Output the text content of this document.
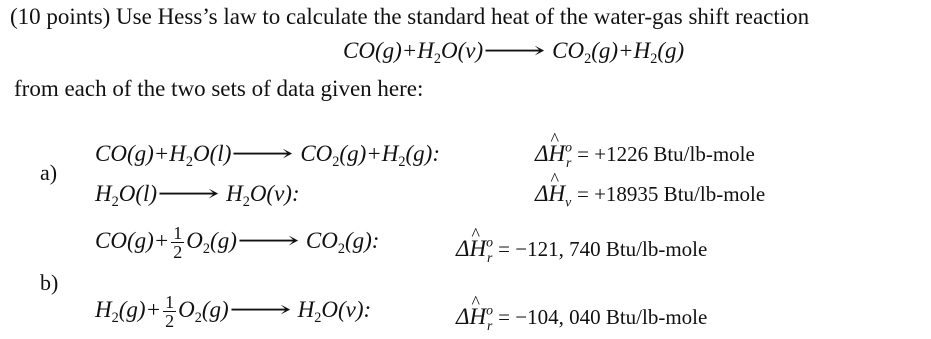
(10 points) Use Hess’s law to calculate the standard heat of the water-gas shift reaction
$CO(g)+H_2O(v)⟶$ $CO_2(g)+H_2(g)$
from each of the two sets of data given here:
a)
$CO(g)+H_2O(l)⟶$ $CO_2(g)+H_2(g)$:	Δ^ $H^o_r = +1226$ Btu/lb-mole
$H_2O(l)⟶$ $H_2O(v)$:	Δ^ $H_v = +18935$ Btu/lb-mole
b)
$CO(g)+ \frac{1}{2}$ $O_2(g)⟶$ $CO_2(g)$:	Δ^ $H^o_r = -121$, 740 Btu/lb-mole
$H_2(g)+ \frac{1}{2}$ $O_2(g)⟶$ $H_2O(v)$:	Δ^ $H^o_r = -104$, 040 Btu/lb-mole
